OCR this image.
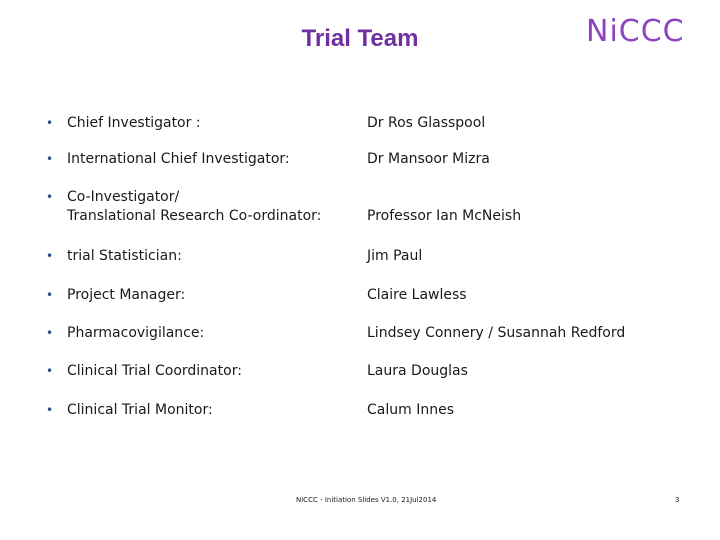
Trial Team	NiCCC
• Chief Investigator :	Dr Ros Glasspool
• International Chief Investigator:	Dr Mansoor Mizra
• Co-Investigator/
Translational Research Co-ordinator:	Professor Ian McNeish
• trial Statistician:	Jim Paul
• Project Manager:	Claire Lawless
• Pharmacovigilance:	Lindsey Connery / Susannah Redford
• Clinical Trial Coordinator:	Laura Douglas
• Clinical Trial Monitor:	Calum Innes
NiCCC - Initiation Slides V1.0, 21Jul2014	3
